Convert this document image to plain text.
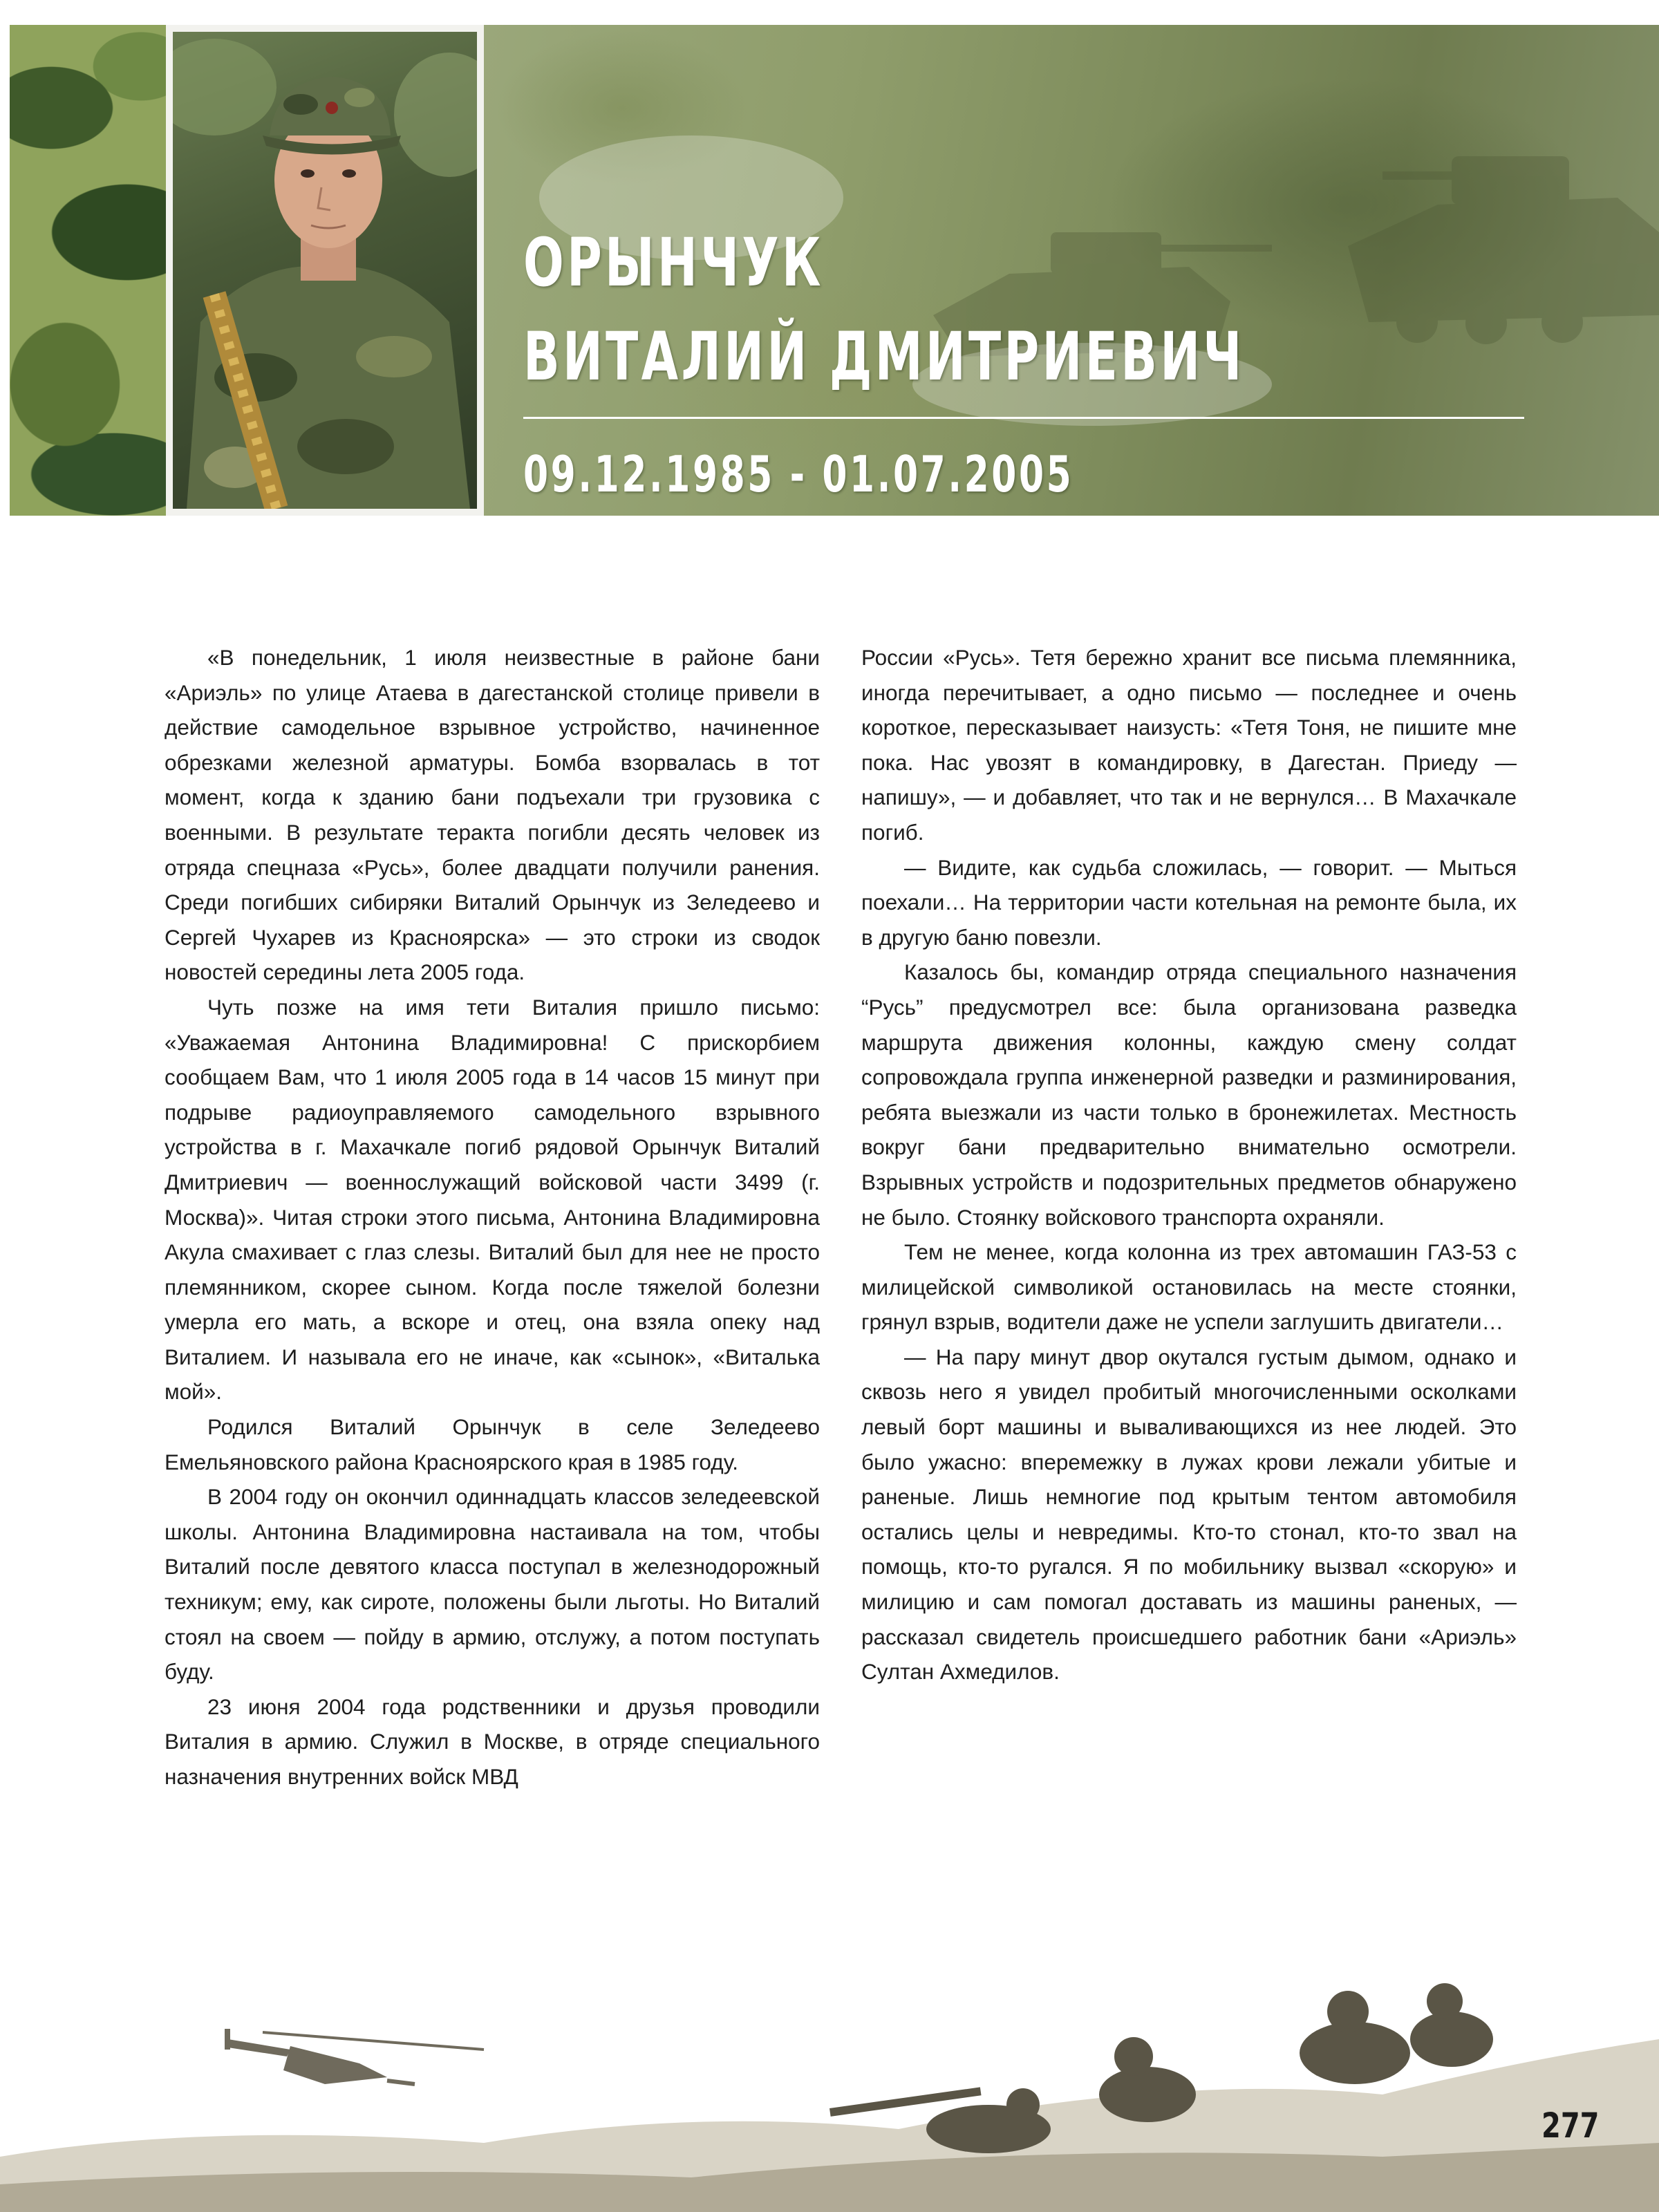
ОРЫНЧУК
ВИТАЛИЙ ДМИТРИЕВИЧ
09.12.1985 - 01.07.2005

«В понедельник, 1 июля неизвестные в районе бани «Ариэль» по улице Атаева в дагестанской столице привели в действие самодельное взрывное устройство, начиненное обрезками железной арматуры. Бомба взорвалась в тот момент, когда к зданию бани подъехали три грузовика с военными. В результате теракта погибли десять человек из отряда спецназа «Русь», более двадцати получили ранения. Среди погибших сибиряки Виталий Орынчук из Зеледеево и Сергей Чухарев из Красноярска» — это строки из сводок новостей середины лета 2005 года.

Чуть позже на имя тети Виталия пришло письмо: «Уважаемая Антонина Владимировна! С прискорбием сообщаем Вам, что 1 июля 2005 года в 14 часов 15 минут при подрыве радиоуправляемого самодельного взрывного устройства в г. Махачкале погиб рядовой Орынчук Виталий Дмитриевич — военнослужащий войсковой части 3499 (г. Москва)». Читая строки этого письма, Антонина Владимировна Акула смахивает с глаз слезы. Виталий был для нее не просто племянником, скорее сыном. Когда после тяжелой болезни умерла его мать, а вскоре и отец, она взяла опеку над Виталием. И называла его не иначе, как «сынок», «Виталька мой».

Родился Виталий Орынчук в селе Зеледеево Емельяновского района Красноярского края в 1985 году.

В 2004 году он окончил одиннадцать классов зеледеевской школы. Антонина Владимировна настаивала на том, чтобы Виталий после девятого класса поступал в железнодорожный техникум; ему, как сироте, положены были льготы. Но Виталий стоял на своем — пойду в армию, отслужу, а потом поступать буду.

23 июня 2004 года родственники и друзья проводили Виталия в армию. Служил в Москве, в отряде специального назначения внутренних войск МВД

России «Русь». Тетя бережно хранит все письма племянника, иногда перечитывает, а одно письмо — последнее и очень короткое, пересказывает наизусть: «Тетя Тоня, не пишите мне пока. Нас увозят в командировку, в Дагестан. Приеду — напишу», — и добавляет, что так и не вернулся… В Махачкале погиб.

— Видите, как судьба сложилась, — говорит. — Мыться поехали… На территории части котельная на ремонте была, их в другую баню повезли.

Казалось бы, командир отряда специального назначения “Русь” предусмотрел все: была организована разведка маршрута движения колонны, каждую смену солдат сопровождала группа инженерной разведки и разминирования, ребята выезжали из части только в бронежилетах. Местность вокруг бани предварительно внимательно осмотрели. Взрывных устройств и подозрительных предметов обнаружено не было. Стоянку войскового транспорта охраняли.

Тем не менее, когда колонна из трех автомашин ГАЗ-53 с милицейской символикой остановилась на месте стоянки, грянул взрыв, водители даже не успели заглушить двигатели…

— На пару минут двор окутался густым дымом, однако и сквозь него я увидел пробитый многочисленными осколками левый борт машины и вываливающихся из нее людей. Это было ужасно: вперемежку в лужах крови лежали убитые и раненые. Лишь немногие под крытым тентом автомобиля остались целы и невредимы. Кто-то стонал, кто-то звал на помощь, кто-то ругался. Я по мобильнику вызвал «скорую» и милицию и сам помогал доставать из машины раненых, — рассказал свидетель происшедшего работник бани «Ариэль» Султан Ахмедилов.

277
